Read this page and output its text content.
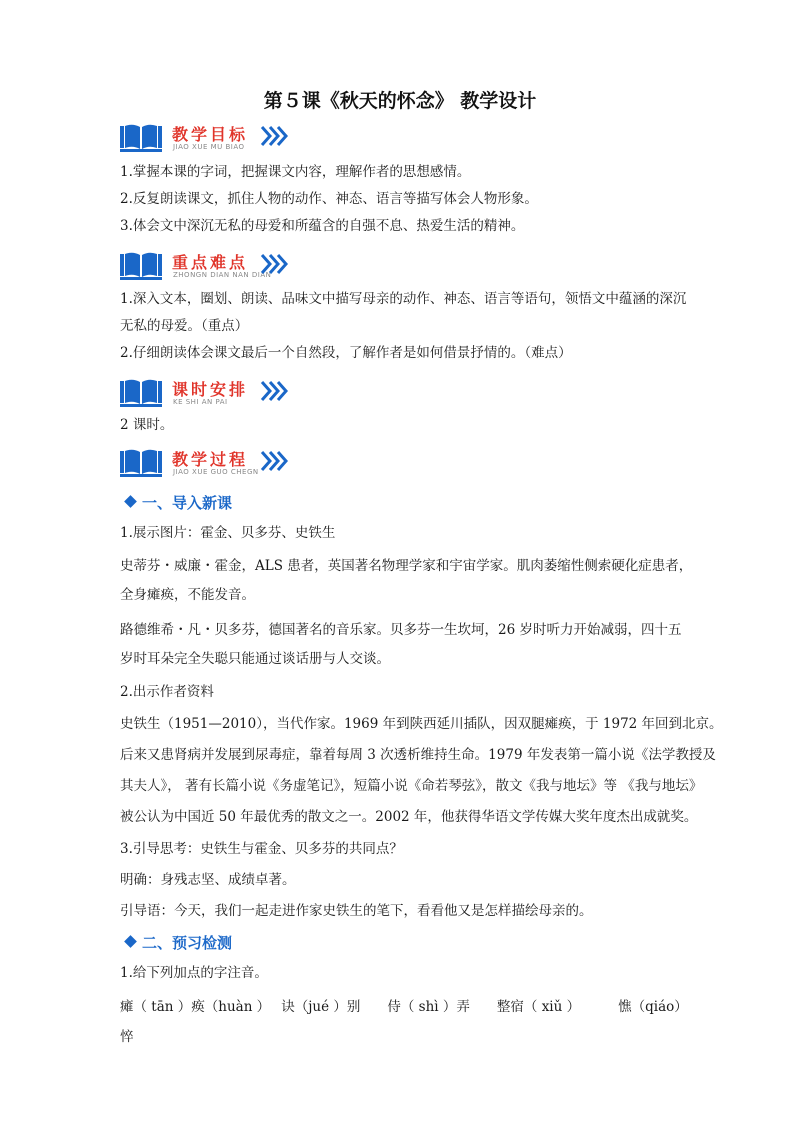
第５课《秋天的怀念》 教学设计
教学目标
JIAO XUE MU BIAO
1.掌握本课的字词，把握课文内容，理解作者的思想感情。
2.反复朗读课文，抓住人物的动作、神态、语言等描写体会人物形象。
3.体会文中深沉无私的母爱和所蕴含的自强不息、热爱生活的精神。
重点难点
ZHONGN DIAN NAN DIAN
1.深入文本，圈划、朗读、品味文中描写母亲的动作、神态、语言等语句，领悟文中蕴涵的深沉
无私的母爱。（重点）
2.仔细朗读体会课文最后一个自然段，了解作者是如何借景抒情的。（难点）
课时安排
KE SHI AN PAI
2 课时。
教学过程
JIAO XUE GUO CHEGN
一、导入新课
1.展示图片：霍金、贝多芬、史铁生
史蒂芬・威廉・霍金，ALS 患者，英国著名物理学家和宇宙学家。肌肉萎缩性侧索硬化症患者，
全身瘫痪，不能发音。
路德维希・凡・贝多芬，德国著名的音乐家。贝多芬一生坎坷，26 岁时听力开始减弱，四十五
岁时耳朵完全失聪只能通过谈话册与人交谈。
2.出示作者资料
史铁生（1951—2010），当代作家。1969 年到陕西延川插队，因双腿瘫痪，于 1972 年回到北京。
后来又患肾病并发展到尿毒症，靠着每周 3 次透析维持生命。1979 年发表第一篇小说《法学教授及
其夫人》， 著有长篇小说《务虚笔记》，短篇小说《命若琴弦》，散文《我与地坛》等 《我与地坛》
被公认为中国近 50 年最优秀的散文之一。2002 年，他获得华语文学传媒大奖年度杰出成就奖。
3.引导思考：史铁生与霍金、贝多芬的共同点？
明确：身残志坚、成绩卓著。
引导语：今天，我们一起走进作家史铁生的笔下，看看他又是怎样描绘母亲的。
二、预习检测
1.给下列加点的字注音。
瘫（ tān ）痪（huàn ）　 诀（jué ）别　　侍（ shì ）弄　　整宿（ xiǔ ）　　　 憔（qiáo）
悴
